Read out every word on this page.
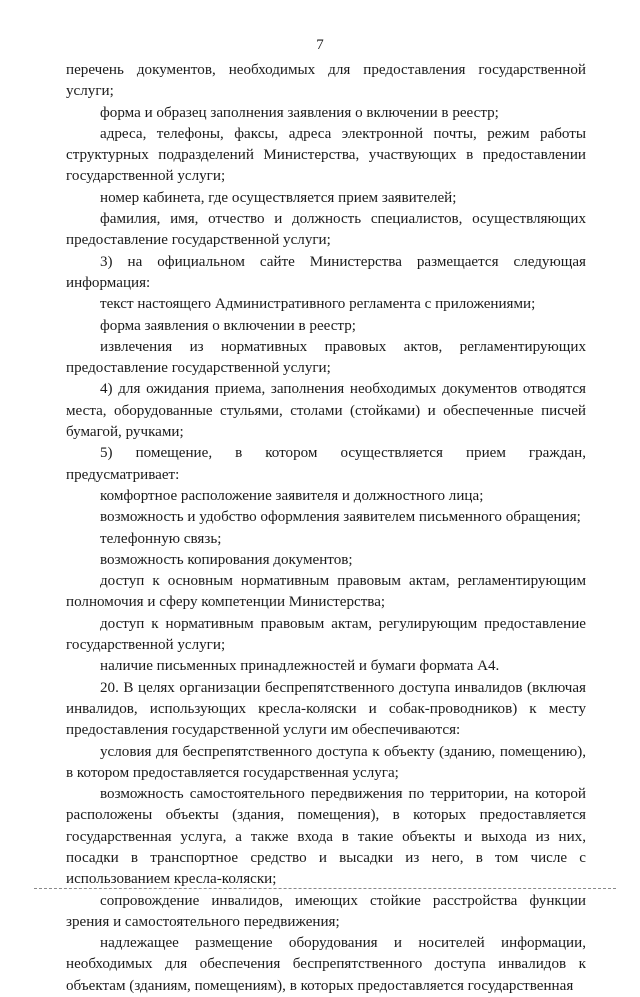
7

перечень документов, необходимых для предоставления государственной услуги;

форма и образец заполнения заявления о включении в реестр;

адреса, телефоны, факсы, адреса электронной почты, режим работы структурных подразделений Министерства, участвующих в предоставлении государственной услуги;

номер кабинета, где осуществляется прием заявителей;

фамилия, имя, отчество и должность специалистов, осуществляющих предоставление государственной услуги;

3) на официальном сайте Министерства размещается следующая информация:

текст настоящего Административного регламента с приложениями;

форма заявления о включении в реестр;

извлечения из нормативных правовых актов, регламентирующих предоставление государственной услуги;

4) для ожидания приема, заполнения необходимых документов отводятся места, оборудованные стульями, столами (стойками) и обеспеченные писчей бумагой, ручками;

5) помещение, в котором осуществляется прием граждан, предусматривает:

комфортное расположение заявителя и должностного лица;

возможность и удобство оформления заявителем письменного обращения;

телефонную связь;

возможность копирования документов;

доступ к основным нормативным правовым актам, регламентирующим полномочия и сферу компетенции Министерства;

доступ к нормативным правовым актам, регулирующим предоставление государственной услуги;

наличие письменных принадлежностей и бумаги формата А4.

20. В целях организации беспрепятственного доступа инвалидов (включая инвалидов, использующих кресла-коляски и собак-проводников) к месту предоставления государственной услуги им обеспечиваются:

условия для беспрепятственного доступа к объекту (зданию, помещению), в котором предоставляется государственная услуга;

возможность самостоятельного передвижения по территории, на которой расположены объекты (здания, помещения), в которых предоставляется государственная услуга, а также входа в такие объекты и выхода из них, посадки в транспортное средство и высадки из него, в том числе с использованием кресла-коляски;

сопровождение инвалидов, имеющих стойкие расстройства функции зрения и самостоятельного передвижения;

надлежащее размещение оборудования и носителей информации, необходимых для обеспечения беспрепятственного доступа инвалидов к объектам (зданиям, помещениям), в которых предоставляется государственная
